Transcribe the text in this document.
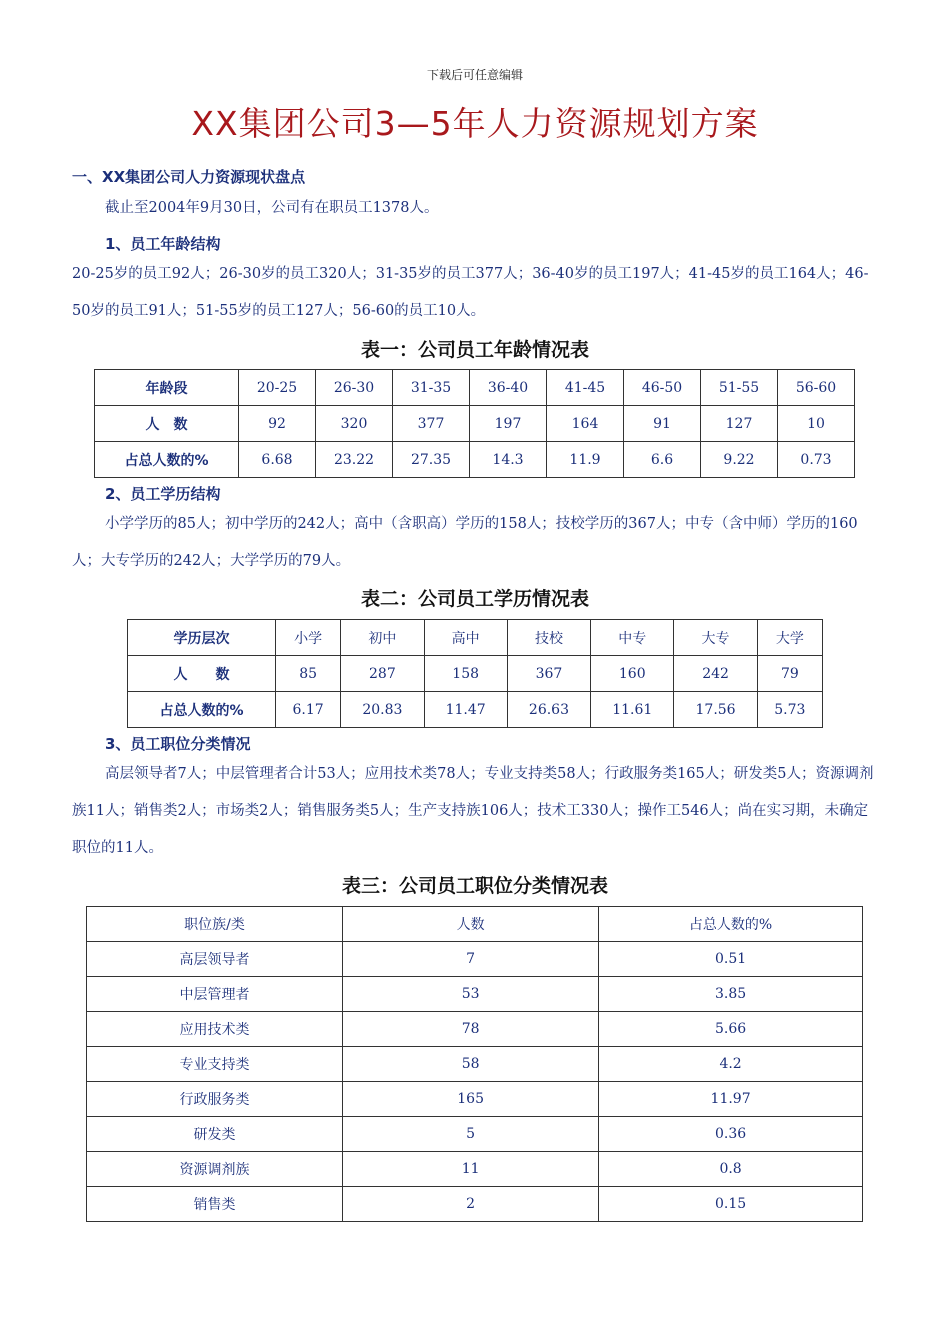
下载后可任意编辑
XX集团公司3—5年人力资源规划方案
一、XX集团公司人力资源现状盘点
截止至2004年9月30日，公司有在职员工1378人。
1、员工年龄结构
20-25岁的员工92人；26-30岁的员工320人；31-35岁的员工377人；36-40岁的员工197人；41-45岁的员工164人；46-50岁的员工91人；51-55岁的员工127人；56-60的员工10人。
表一：公司员工年龄情况表
年龄段	20-25	26-30	31-35	36-40	41-45	46-50	51-55	56-60
人　数	92	320	377	197	164	91	127	10
占总人数的%	6.68	23.22	27.35	14.3	11.9	6.6	9.22	0.73
2、员工学历结构
小学学历的85人；初中学历的242人；高中（含职高）学历的158人；技校学历的367人；中专（含中师）学历的160人；大专学历的242人；大学学历的79人。
表二：公司员工学历情况表
学历层次	小学	初中	高中	技校	中专	大专	大学
人　　数	85	287	158	367	160	242	79
占总人数的%	6.17	20.83	11.47	26.63	11.61	17.56	5.73
3、员工职位分类情况
高层领导者7人；中层管理者合计53人；应用技术类78人；专业支持类58人；行政服务类165人；研发类5人；资源调剂族11人；销售类2人；市场类2人；销售服务类5人；生产支持族106人；技术工330人；操作工546人；尚在实习期，未确定职位的11人。
表三：公司员工职位分类情况表
职位族/类	人数	占总人数的%
高层领导者	7	0.51
中层管理者	53	3.85
应用技术类	78	5.66
专业支持类	58	4.2
行政服务类	165	11.97
研发类	5	0.36
资源调剂族	11	0.8
销售类	2	0.15
